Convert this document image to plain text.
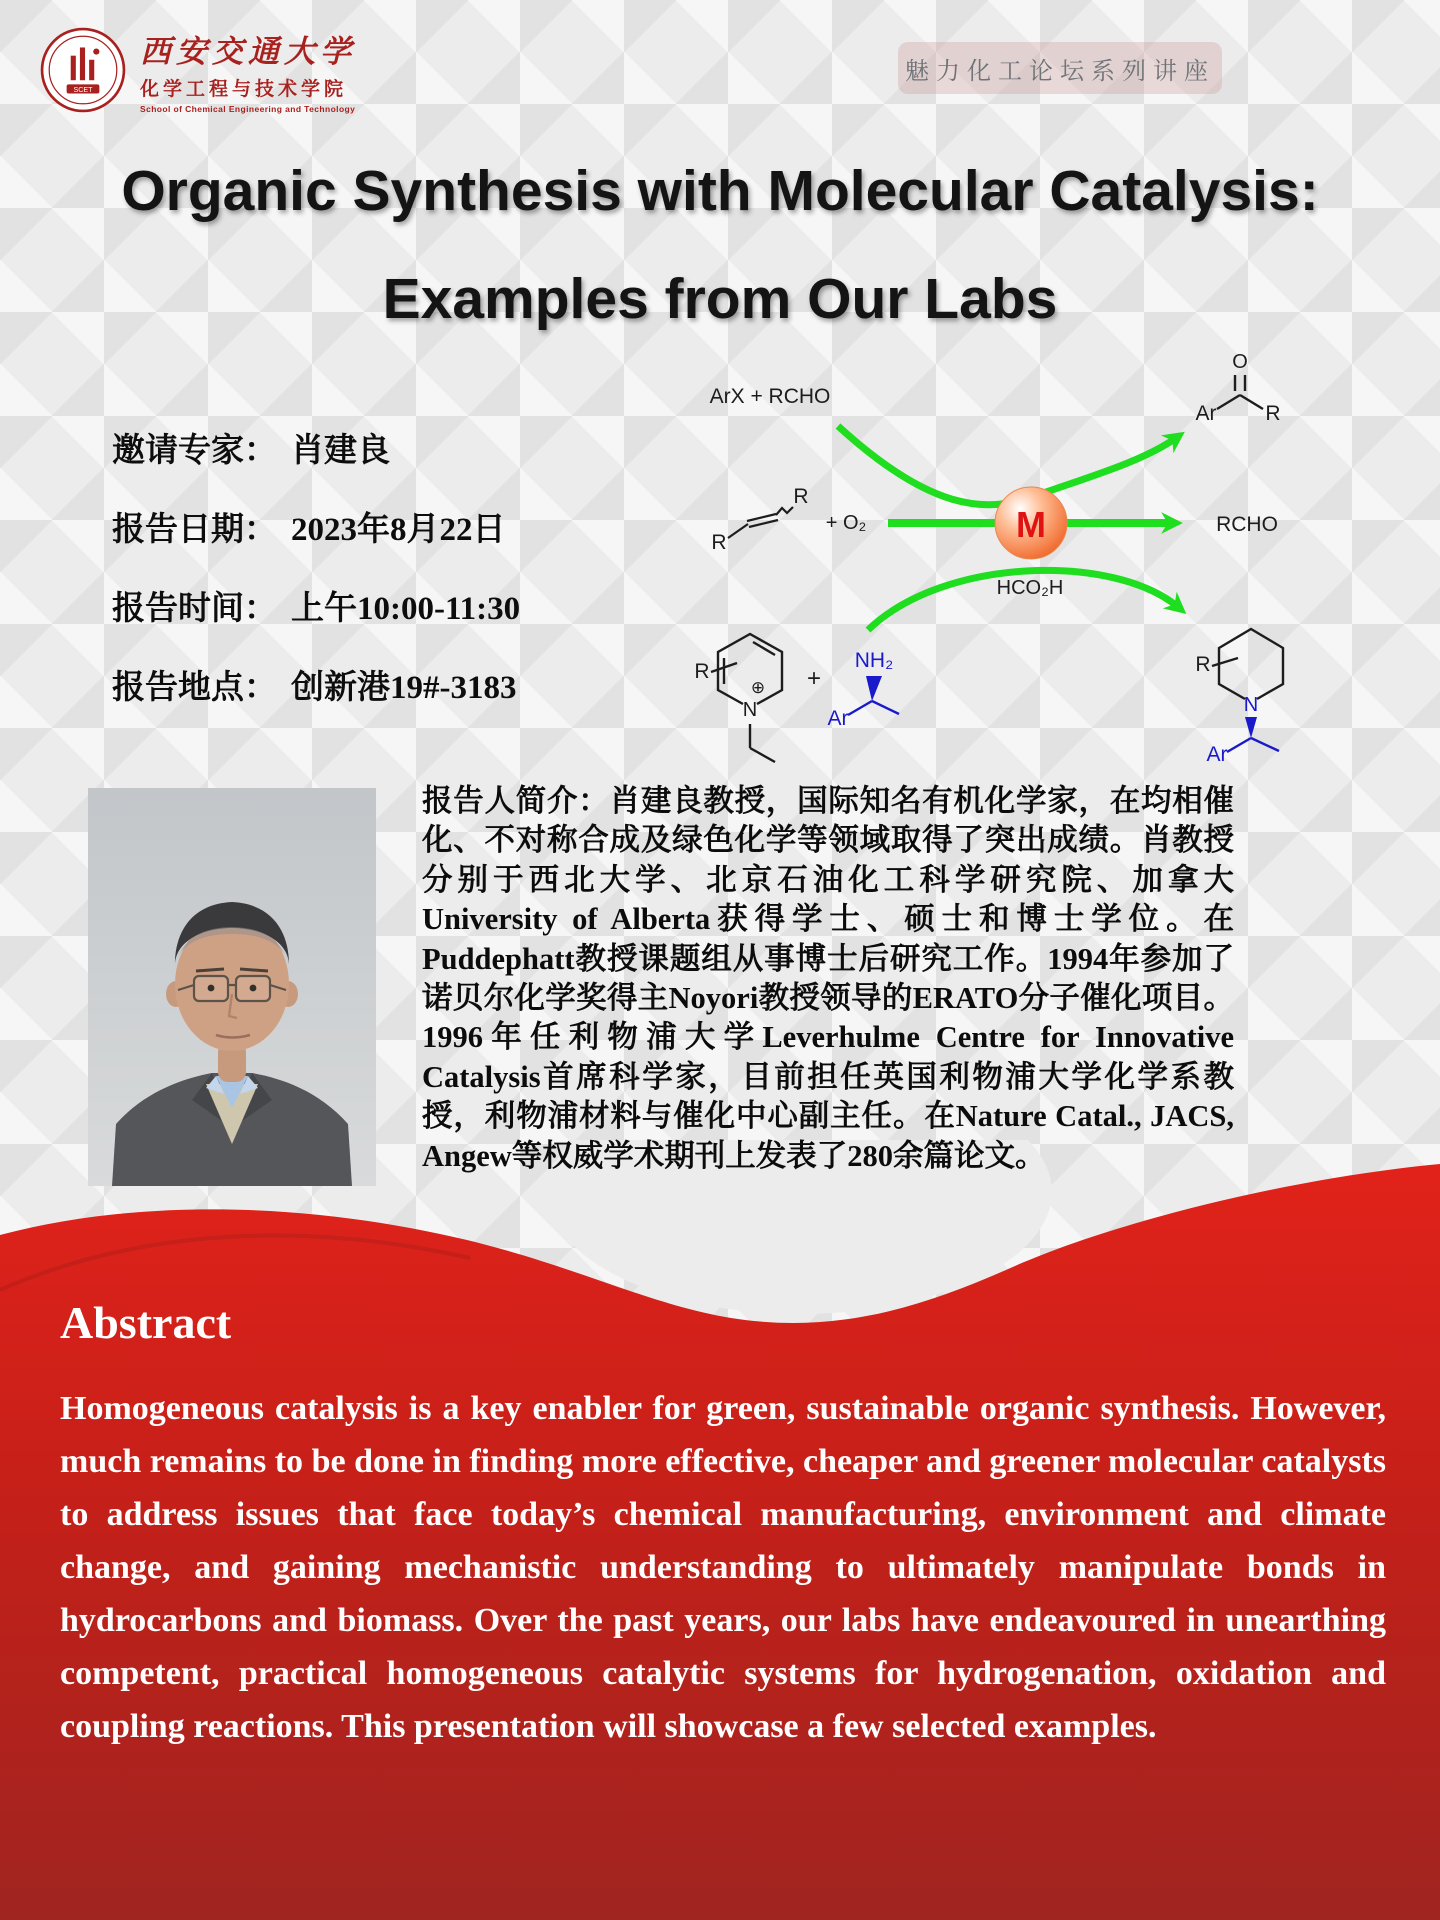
SCET
西安交通大学
化学工程与技术学院
School of Chemical Engineering and Technology
魅力化工论坛系列讲座
Organic Synthesis with Molecular Catalysis:
Examples from Our Labs
邀请专家： 肖建良
报告日期： 2023年8月22日
报告时间： 上午10:00-11:30
报告地点： 创新港19#-3183
M
ArX + RCHO
O
Ar R
R
R
+ O₂	RCHO
HCO₂H
R
⊕
N
+
NH₂
Ar
R
N
Ar
报告人简介：肖建良教授，国际知名有机化学家，在均相催化、不对称合成及绿色化学等领域取得了突出成绩。肖教授分别于西北大学、北京石油化工科学研究院、加拿大University of Alberta获得学士、硕士和博士学位。在Puddephatt教授课题组从事博士后研究工作。1994年参加了诺贝尔化学奖得主Noyori教授领导的ERATO分子催化项目。1996年任利物浦大学Leverhulme Centre for Innovative Catalysis首席科学家，目前担任英国利物浦大学化学系教授，利物浦材料与催化中心副主任。在Nature Catal., JACS, Angew等权威学术期刊上发表了280余篇论文。
Abstract
Homogeneous catalysis is a key enabler for green, sustainable organic synthesis. However, much remains to be done in finding more effective, cheaper and greener molecular catalysts to address issues that face today’s chemical manufacturing, environment and climate change, and gaining mechanistic understanding to ultimately manipulate bonds in hydrocarbons and biomass. Over the past years, our labs have endeavoured in unearthing competent, practical homogeneous catalytic systems for hydrogenation, oxidation and coupling reactions. This presentation will showcase a few selected examples.
